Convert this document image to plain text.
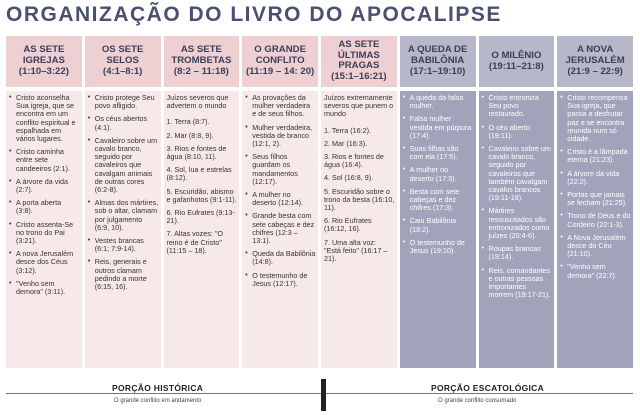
ORGANIZAÇÃO DO LIVRO DO APOCALIPSE
AS SETE IGREJAS
(1:10–3:22)
• Cristo aconselha Sua igreja, que se encontra em um conflito espiritual e espalhada em vários lugares.
• Cristo caminha entre sete candeeiros (2:1).
• A árvore da vida (2:7).
• A porta aberta (3:8).
• Cristo assenta-Se no trono do Pai (3:21).
• A nova Jerusalém desce dos Céus (3:12).
• "Venho sem demora" (3:11).
OS SETE SELOS
(4:1–8:1)
• Cristo protege Seu povo afligido.
• Os céus abertos (4:1).
• Cavaleiro sobre um cavalo branco, seguido por cavaleiros que cavalgam animais de outras cores (6:2-8).
• Almas dos mártires, sob o altar, clamam por julgamento (6:9, 10).
• Vestes brancas (6:1; 7:9-14).
• Reis, generais e outros clamam pedindo a morte (6:15, 16).
AS SETE TROMBETAS
(8:2 – 11:18)
Juízos severos que advertem o mundo
1. Terra (8:7).
2. Mar (8:8, 9).
3. Rios e fontes de água (8:10, 11).
4. Sol, lua e estrelas (8:12).
5. Escuridão, abismo e gafanhotos (9:1-11).
6. Rio Eufrates (9:13-21).
7. Altas vozes: "O reino é de Cristo" (11:15 – 18).
O GRANDE CONFLITO
(11:19 – 14: 20)
• As provações da mulher verdadeira e de seus filhos.
• Mulher verdadeira, vestida de branco (12:1, 2).
• Seus filhos guardam os mandamentos (12:17).
• A mulher no deserto (12:14).
• Grande besta com sete cabeças e dez chifres (12:3 – 13:1).
• Queda da Babilônia (14:8).
• O testemunho de Jesus (12:17).
AS SETE ÚLTIMAS PRAGAS
(15:1–16:21)
Juízos extremamente severos que punem o mundo
1. Terra (16:2).
2. Mar (16:3).
3. Rios e fontes de água (16:4).
4. Sol (16:8, 9).
5. Escuridão sobre o trono da besta (16:10, 11).
6. Rio Eufrates (16:12, 16).
7. Uma alta voz: "Está feito" (16:17 – 21).
A QUEDA DE BABILÔNIA
(17:1–19:10)
• A queda da falsa mulher.
• Falsa mulher vestida em púrpura (17:4).
• Suas filhas são com ela (17:5).
• A mulher no deserto (17:3).
• Besta com sete cabeças e dez chifres (17:3).
• Caiu Babilônia (18:2).
• O testemunho de Jesus (19:10).
O MILÊNIO
(19:11–21:8)
• Cristo entroniza Seu povo restaurado.
• O céu aberto (19:11).
• Cavaleiro sobre um cavalo branco, seguido por cavaleiros que também cavalgam cavalos brancos (19:11-18).
• Mártires ressuscitados são entronizados como juízes (20:4-6).
• Roupas brancas (19:14).
• Reis, comandantes e outras pessoas importantes morrem (19:17-21).
A NOVA JERUSALÉM
(21:9 – 22:9)
• Cristo recompensa Sua igreja, que passa a desfrutar paz e se encontra reunida num só cidade.
• Cristo é a lâmpada eterna (21:23).
• A árvore da vida (22:2).
• Portas que jamais se fecham (21:25).
• Trono de Deus e do Cordeiro (22:1-3).
• A Nova Jerusalém desce do Céu (21:10).
• "Venho sem demora" (22:7).
PORÇÃO HISTÓRICA
O grande conflito em andamento
PORÇÃO ESCATOLÓGICA
O grande conflito consumado
